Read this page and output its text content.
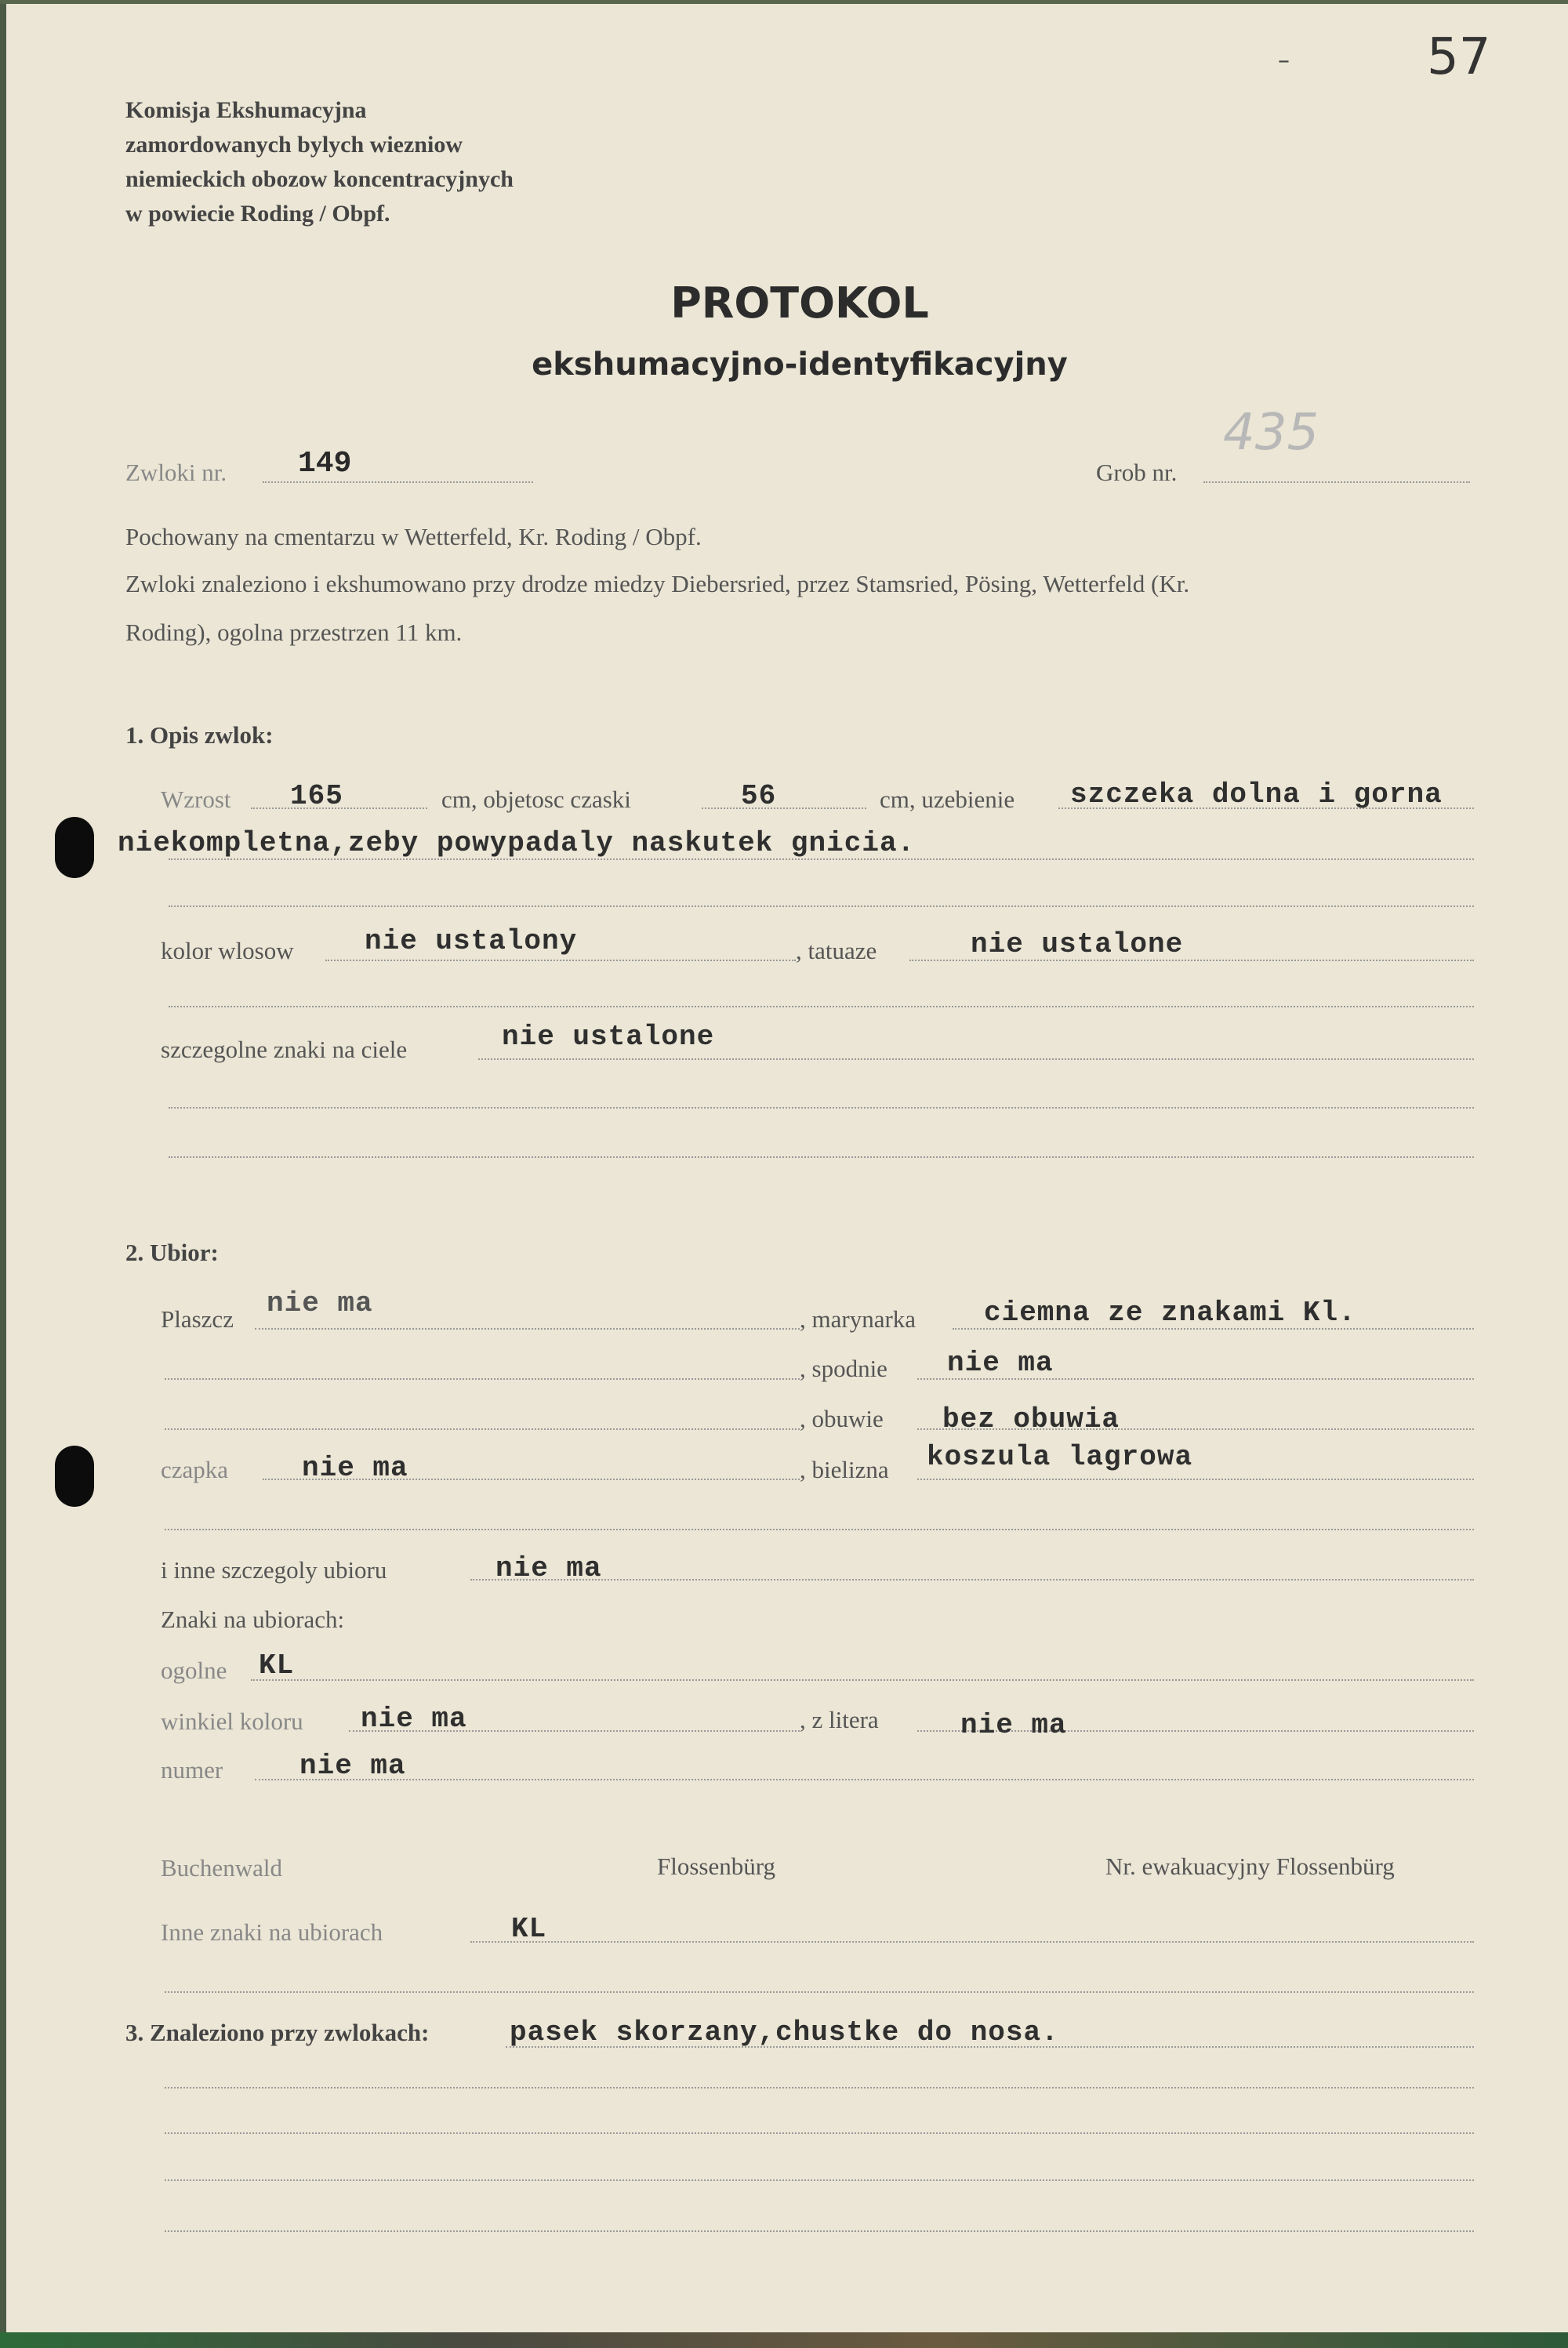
57
–
Komisja Ekshumacyjna
zamordowanych bylych wiezniow
niemieckich obozow koncentracyjnych
w powiecie Roding / Obpf.
PROTOKOL
ekshumacyjno-identyfikacyjny
Zwloki nr. 149	Grob nr.
435
Pochowany na cmentarzu w Wetterfeld, Kr. Roding / Obpf.
Zwloki znaleziono i ekshumowano przy drodze miedzy Diebersried, przez Stamsried, Pösing, Wetterfeld (Kr.
Roding), ogolna przestrzen 11 km.
1. Opis zwlok:
Wzrost 165	cm, objetosc czaski	56	cm, uzebienie szczeka dolna i gorna
niekompletna,zeby powypadaly naskutek gnicia.
kolor wlosow	nie ustalony	, tatuaze	nie ustalone
szczegolne znaki na ciele	nie ustalone
2. Ubior:
Plaszcz nie ma	, marynarka ciemna ze znakami Kl.
, spodnie nie ma
, obuwie bez obuwia
czapka	nie ma	, bielizna koszula lagrowa
i inne szczegoly ubioru	nie ma
Znaki na ubiorach:
ogolne KL
winkiel koloru nie ma	, z litera	nie ma
numer	nie ma
Buchenwald	Flossenbürg	Nr. ewakuacyjny Flossenbürg
Inne znaki na ubiorach	KL
3. Znaleziono przy zwlokach:	pasek skorzany,chustke do nosa.
